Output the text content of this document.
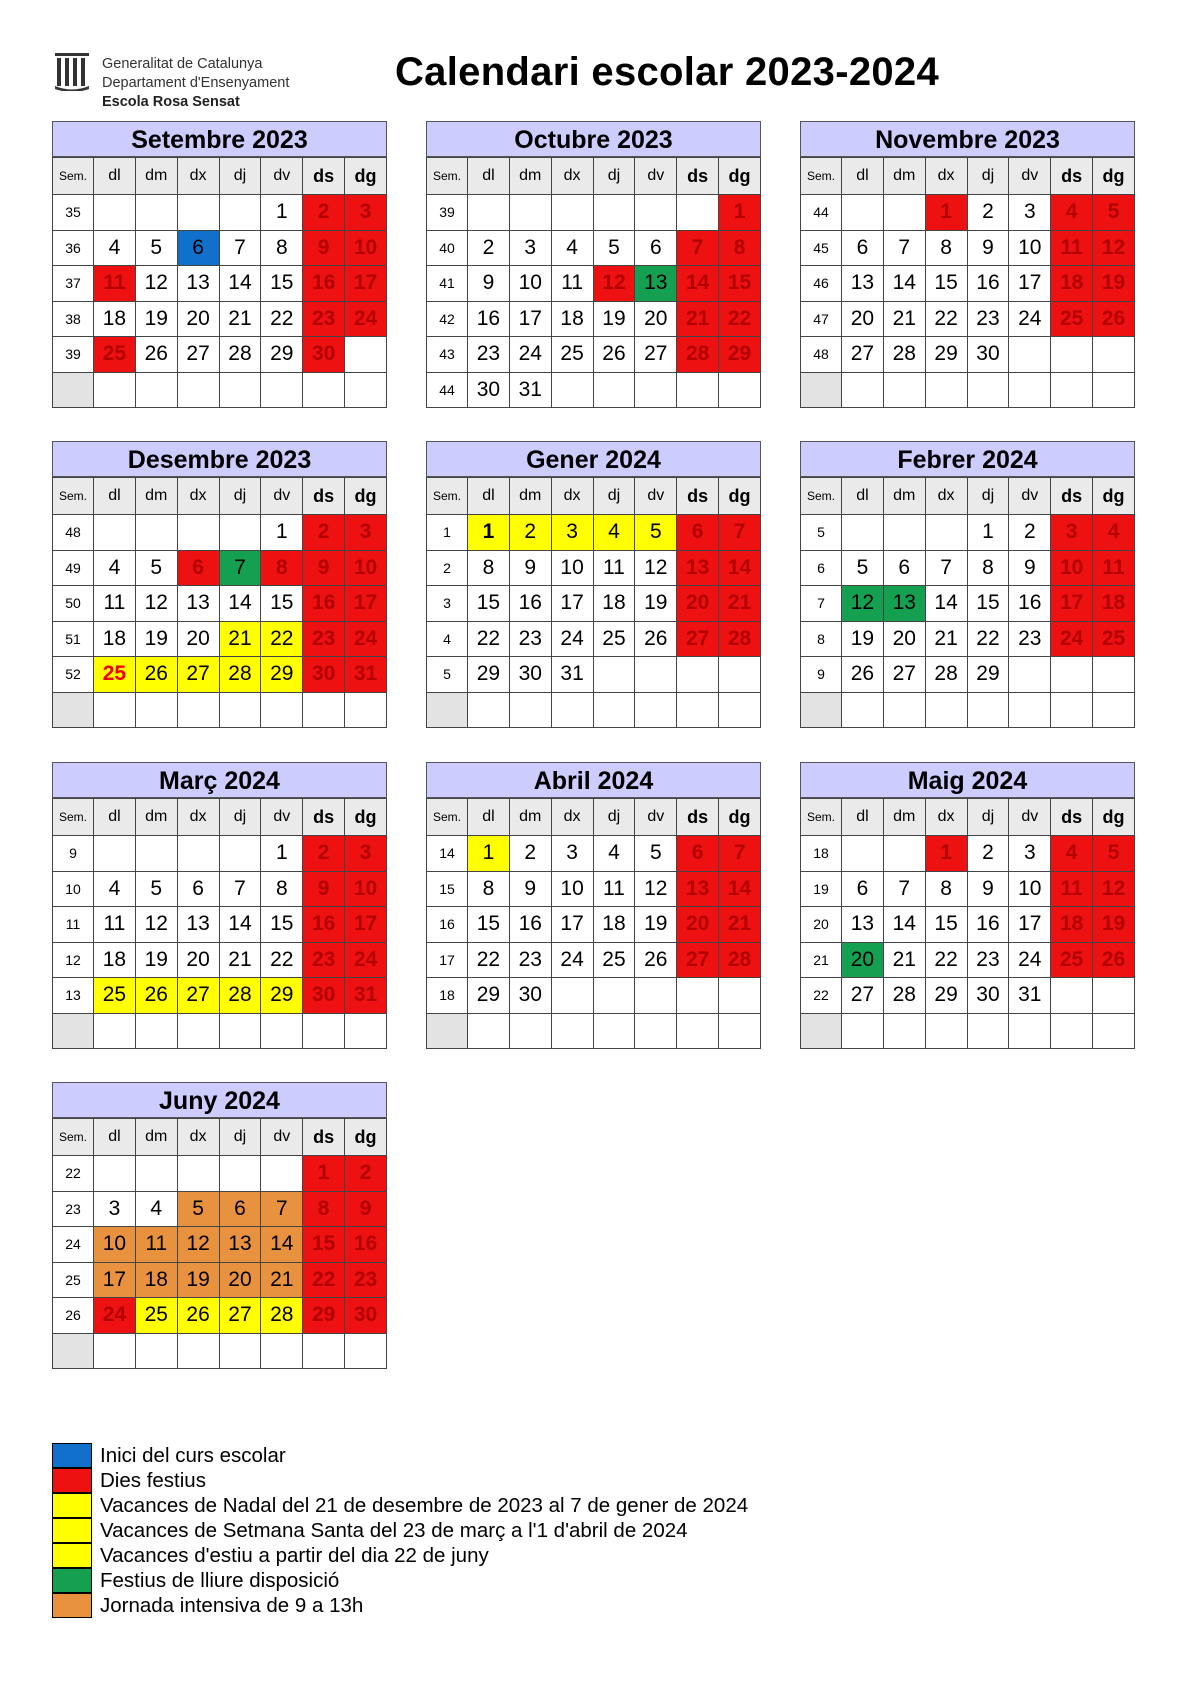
Generalitat de Catalunya
Departament d'Ensenyament
Escola Rosa Sensat
Calendari escolar 2023-2024
Setembre 2023
Sem.	dl	dm	dx	dj	dv	ds	dg
35					1	2	3
36	4	5	6	7	8	9	10
37	11	12	13	14	15	16	17
38	18	19	20	21	22	23	24
39	25	26	27	28	29	30	

Octubre 2023
Sem.	dl	dm	dx	dj	dv	ds	dg
39							1
40	2	3	4	5	6	7	8
41	9	10	11	12	13	14	15
42	16	17	18	19	20	21	22
43	23	24	25	26	27	28	29
44	30	31					
Novembre 2023
Sem.	dl	dm	dx	dj	dv	ds	dg
44			1	2	3	4	5
45	6	7	8	9	10	11	12
46	13	14	15	16	17	18	19
47	20	21	22	23	24	25	26
48	27	28	29	30			

Desembre 2023
Sem.	dl	dm	dx	dj	dv	ds	dg
48					1	2	3
49	4	5	6	7	8	9	10
50	11	12	13	14	15	16	17
51	18	19	20	21	22	23	24
52	25	26	27	28	29	30	31

Gener 2024
Sem.	dl	dm	dx	dj	dv	ds	dg
1	1	2	3	4	5	6	7
2	8	9	10	11	12	13	14
3	15	16	17	18	19	20	21
4	22	23	24	25	26	27	28
5	29	30	31				

Febrer 2024
Sem.	dl	dm	dx	dj	dv	ds	dg
5				1	2	3	4
6	5	6	7	8	9	10	11
7	12	13	14	15	16	17	18
8	19	20	21	22	23	24	25
9	26	27	28	29			

Març 2024
Sem.	dl	dm	dx	dj	dv	ds	dg
9					1	2	3
10	4	5	6	7	8	9	10
11	11	12	13	14	15	16	17
12	18	19	20	21	22	23	24
13	25	26	27	28	29	30	31

Abril 2024
Sem.	dl	dm	dx	dj	dv	ds	dg
14	1	2	3	4	5	6	7
15	8	9	10	11	12	13	14
16	15	16	17	18	19	20	21
17	22	23	24	25	26	27	28
18	29	30					

Maig 2024
Sem.	dl	dm	dx	dj	dv	ds	dg
18			1	2	3	4	5
19	6	7	8	9	10	11	12
20	13	14	15	16	17	18	19
21	20	21	22	23	24	25	26
22	27	28	29	30	31		

Juny 2024
Sem.	dl	dm	dx	dj	dv	ds	dg
22						1	2
23	3	4	5	6	7	8	9
24	10	11	12	13	14	15	16
25	17	18	19	20	21	22	23
26	24	25	26	27	28	29	30

Inici del curs escolar
Dies festius
Vacances de Nadal del 21 de desembre de 2023 al 7 de gener de 2024
Vacances de Setmana Santa del 23 de març a l'1 d'abril de 2024
Vacances d'estiu a partir del dia 22 de juny
Festius de lliure disposició
Jornada intensiva de 9 a 13h
